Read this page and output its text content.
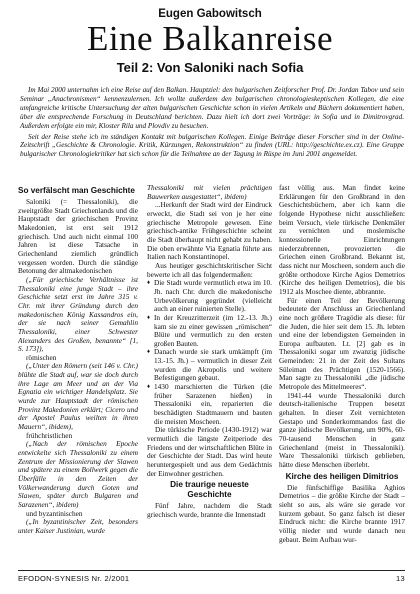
Eugen Gabowitsch
Eine Balkanreise
Teil 2: Von Saloniki nach Sofia

Im Mai 2000 unternahm ich eine Reise auf den Balkan. Hauptziel: den bulgarischen Zeitforscher Prof. Dr. Jordan Tabov und sein Seminar „Anachronismen“ kennenzulernen. Ich wollte außerdem den bulgarischen chronologieskeptischen Kollegen, die eine umfangreiche kritische Untersuchung der alten bulgarischen Geschichte schon in vielen Artikeln und Büchern dokumentiert haben, über die entsprechende Forschung in Deutschland berichten. Dazu hielt ich dort zwei Vorträge: in Sofia und in Dimitrovgrad. Außerdem erfolgte ein mir, Kloster Rila und Plovdiv zu besuchen.

Seit der Reise stehe ich im ständigen Kontakt mit bulgarischen Kollegen. Einige Beiträge dieser Forscher sind in der Online-Zeitschrift „Geschichte & Chronologie. Kritik, Kürzungen, Rekonstruktion“ zu finden (URL: http://geschichte.ex.cz). Eine Gruppe bulgarischer Chronologiekritiker hat sich schon für die Teilnahme an der Tagung in Rüspe im Juni 2001 angemeldet.

So verfälscht man Geschichte

Saloniki (= Thessaloniki), die zweitgrößte Stadt Griechenlands und die Hauptstadt der griechischen Provinz Makedonien, ist erst seit 1912 griechisch. Und auch nicht einmal 100 Jahren ist diese Tatsache in Griechenland ziemlich gründlich vergessen worden. Durch die ständige Betonung der altmakedonischen

(„Für griechische Verhältnisse ist Thessaloniki eine junge Stadt – ihre Geschichte setzt erst im Jahre 315 v. Chr. mit ihrer Gründung durch den makedonischen König Kassandros ein, der sie nach seiner Gemahlin Thessaloniki, einer Schwester Alexanders des Großen, benannte“ [1, S. 173]),

römischen

(„Unter den Römern (seit 146 v. Chr.) blühte die Stadt auf, war sie doch durch ihre Lage am Meer und an der Via Egnatia ein wichtiger Handelsplatz. Sie wurde zur Hauptstadt der römischen Provinz Makedonien erklärt; Cicero und der Apostel Paulus weilten in ihren Mauern“, ibidem),

frühchristlichen

(„Nach der römischen Epoche entwickelte sich Thessaloniki zu einem Zentrum der Missionierung der Slawen und spätere zu einem Bollwerk gegen die Überfälle in den Zeiten der Völkerwanderung durch Goten und Slawen, später durch Bulgaren und Sarazenen“, ibidem)

und byzantinischen

(„In byzantinischer Zeit, besonders unter Kaiser Justinian, wurde

Thessaloniki mit vielen prächtigen Bauwerken ausgestattet“, ibidem)

...Herkunft der Stadt wird der Eindruck erweckt, die Stadt sei von je her eine griechische Metropole gewesen. Eine griechisch-antike Frühgeschichte scheint die Stadt überhaupt nicht gehabt zu haben. Die oben erwähnte Via Egnatia führte aus Italien nach Konstantinopel.

Aus heutiger geschichtskritischer Sicht bewerte ich all das folgendermaßen:

♦ Die Stadt wurde vermutlich etwa im 10. Jh. nach Chr. durch die makedonische Urbevölkerung gegründet (vielleicht auch an einer ruinierten Stelle).
♦ In der Kreuzritterzeit (im 12.-13. Jh.) kam sie zu einer gewissen „römischen“ Blüte und vermutlich zu den ersten großen Bauten.
♦ Danach wurde sie stark umkämpft (im 13.-15. Jh.) – vermutlich in dieser Zeit wurden die Akropolis und weitere Befestigungen gebaut.
♦ 1430 marschierten die Türken (die früher Sarazenen hießen) in Thessaloniki ein, reparierten die beschädigten Stadtmauern und bauten die meisten Moscheen.

Die türkische Periode (1430-1912) war vermutlich die längste Zeitperiode des Friedens und der wirtschaftlichen Blüte in der Geschichte der Stadt. Das wird heute heruntergespielt und aus dem Gedächtnis der Einwohner gestrichen.

Die traurige neueste Geschichte

Fünf Jahre, nachdem die Stadt griechisch wurde, brannte die Innenstadt

fast völlig aus. Man findet keine Erklärungen für den Großbrand in den Geschichtsbüchern, aber ich kann die folgende Hypothese nicht ausschließen: beim Versuch, viele türkische Denkmäler zu vernichten und moslemische kontessionelle Einrichtungen niederzubrennen, provozierten die Griechen einen Großbrand. Bekannt ist, dass nicht nur Moscheen, sondern auch die größte orthodoxe Kirche Agios Demetrios (Kirche des heiligen Demetrios), die bis 1912 als Moschee diente, abbrannte.

Für einen Teil der Bevölkerung bedeutete der Anschluss an Griechenland eine noch größere Tragödie als diese: für die Juden, die hier seit dem 15. Jh. lebten und eine der lebendigsten Gemeinden in Europa aufbauten. Lt. [2] gab es in Thessaloniki sogar um zwanzig jüdische Gemeinden: 21 in der Zeit des Sultans Süleiman des Prächtigen (1520-1566). Man sagte zu Thessaloniki „die jüdische Metropole des Mittelmeeres“.

1941-44 wurde Thessaloniki durch deutsch-italienische Truppen besetzt gehalten. In dieser Zeit vernichteten Gestapo und Sonderkommandos fast die ganze jüdische Bevölkerung, um 90%, 60-70-tausend Menschen in ganz Griechenland (meist in Thessaloniki). Ware Thessaloniki türkisch geblieben, hätte diese Menschen überlebt.

Kirche des heiligen Dimitrios

Die fünfschiffige Basilika Aghios Demetrios – die größte Kirche der Stadt – sieht so aus, als wäre sie gerade vor kurzem gebaut. So ganz falsch ist dieser Eindruck nicht: die Kirche brannte 1917 völlig nieder und wurde danach neu gebaut. Beim Aufbau wur-

EFODON-SYNESIS Nr. 2/2001	13
